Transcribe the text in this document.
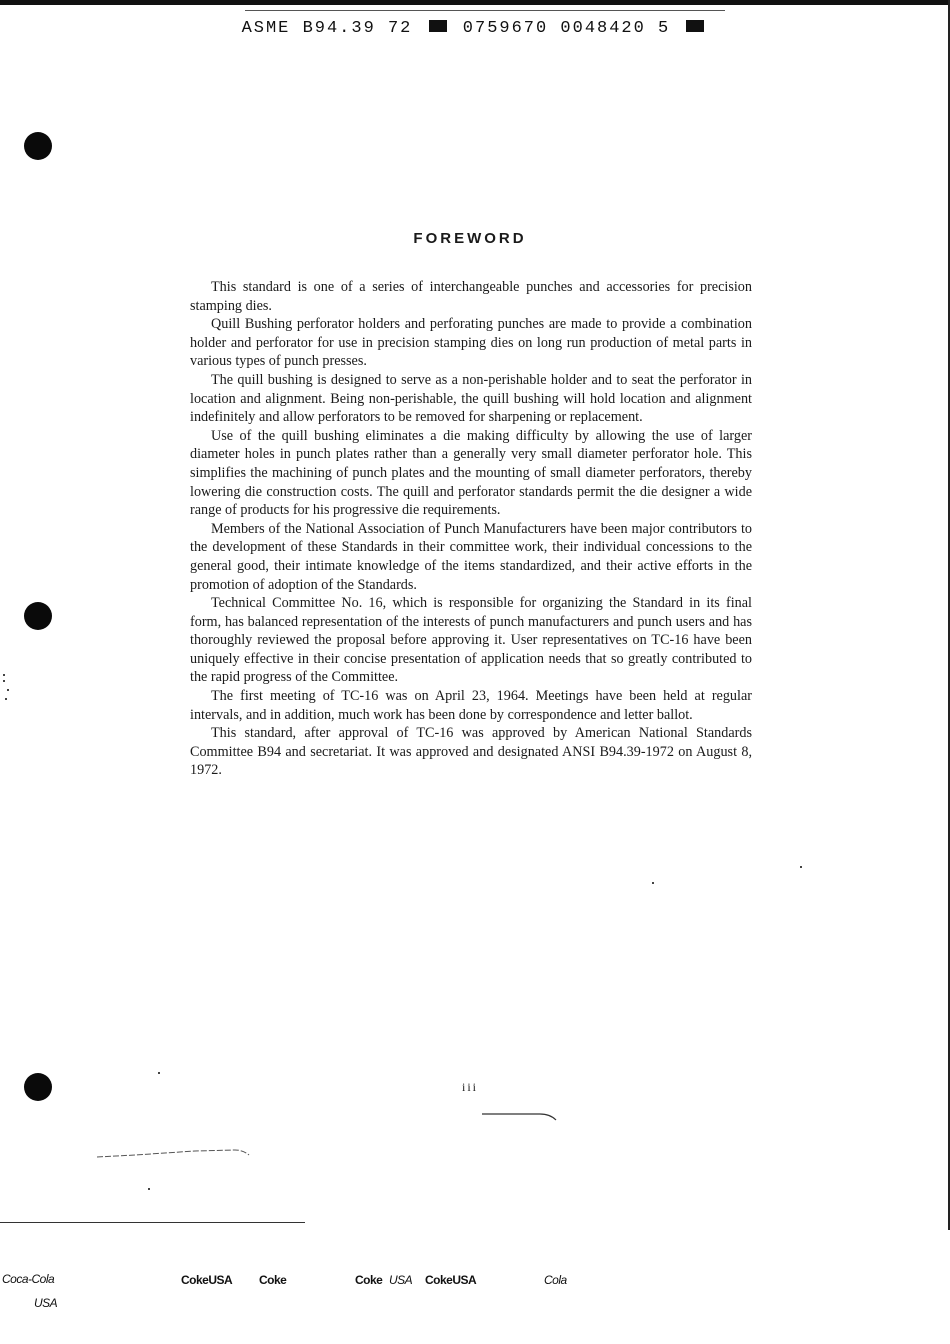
ASME B94.39 72	0759670 0048420 5
FOREWORD

This standard is one of a series of interchangeable punches and accessories for precision stamping dies.

Quill Bushing perforator holders and perforating punches are made to provide a combination holder and perforator for use in precision stamping dies on long run production of metal parts in various types of punch presses.

The quill bushing is designed to serve as a non-perishable holder and to seat the perforator in location and alignment. Being non-perishable, the quill bushing will hold location and alignment indefinitely and allow perforators to be removed for sharpening or replacement.

Use of the quill bushing eliminates a die making difficulty by allowing the use of larger diameter holes in punch plates rather than a generally very small diameter perforator hole. This simplifies the machining of punch plates and the mounting of small diameter perforators, thereby lowering die construction costs. The quill and perforator standards permit the die designer a wide range of products for his progressive die requirements.

Members of the National Association of Punch Manufacturers have been major contributors to the development of these Standards in their committee work, their individual concessions to the general good, their intimate knowledge of the items standardized, and their active efforts in the promotion of adoption of the Standards.

Technical Committee No. 16, which is responsible for organizing the Standard in its final form, has balanced representation of the interests of punch manufacturers and punch users and has thoroughly reviewed the proposal before approving it. User representatives on TC-16 have been uniquely effective in their concise presentation of application needs that so greatly contributed to the rapid progress of the Committee.

The first meeting of TC-16 was on April 23, 1964. Meetings have been held at regular intervals, and in addition, much work has been done by correspondence and letter ballot.

This standard, after approval of TC-16 was approved by American National Standards Committee B94 and secretariat. It was approved and designated ANSI B94.39-1972 on August 8, 1972.

iii
Coca-Cola
USA
CokeUSA Coke	Coke USA CokeUSA	Cola
